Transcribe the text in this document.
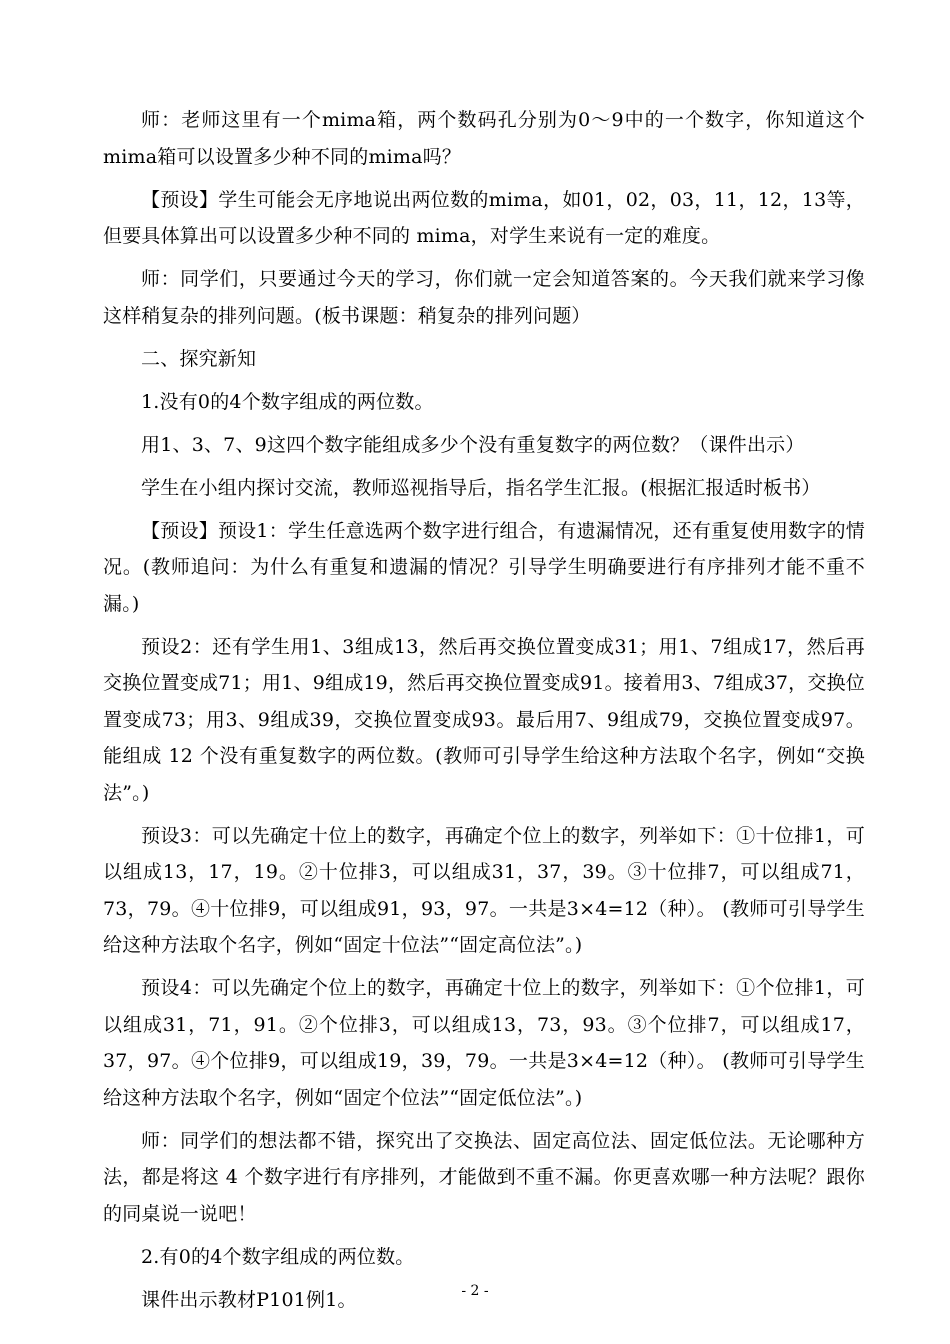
师：老师这里有一个mima箱，两个数码孔分别为0～9中的一个数字，你知道这个mima箱可以设置多少种不同的mima吗？

【预设】学生可能会无序地说出两位数的mima，如01，02，03，11，12，13等，但要具体算出可以设置多少种不同的 mima，对学生来说有一定的难度。

师：同学们，只要通过今天的学习，你们就一定会知道答案的。今天我们就来学习像这样稍复杂的排列问题。(板书课题：稍复杂的排列问题）

二、探究新知

1.没有0的4个数字组成的两位数。

用1、3、7、9这四个数字能组成多少个没有重复数字的两位数？（课件出示）

学生在小组内探讨交流，教师巡视指导后，指名学生汇报。(根据汇报适时板书）

【预设】预设1：学生任意选两个数字进行组合，有遗漏情况，还有重复使用数字的情况。(教师追问：为什么有重复和遗漏的情况？引导学生明确要进行有序排列才能不重不漏。)

预设2：还有学生用1、3组成13，然后再交换位置变成31；用1、7组成17，然后再交换位置变成71；用1、9组成19，然后再交换位置变成91。接着用3、7组成37，交换位置变成73；用3、9组成39，交换位置变成93。最后用7、9组成79，交换位置变成97。能组成 12 个没有重复数字的两位数。(教师可引导学生给这种方法取个名字，例如“交换法”。)

预设3：可以先确定十位上的数字，再确定个位上的数字，列举如下：①十位排1，可以组成13，17，19。②十位排3，可以组成31，37，39。③十位排7，可以组成71，73，79。④十位排9，可以组成91，93，97。一共是3×4=12（种）。 (教师可引导学生给这种方法取个名字，例如“固定十位法”“固定高位法”。)

预设4：可以先确定个位上的数字，再确定十位上的数字，列举如下：①个位排1，可以组成31，71，91。②个位排3，可以组成13，73，93。③个位排7，可以组成17，37，97。④个位排9，可以组成19，39，79。一共是3×4=12（种）。 (教师可引导学生给这种方法取个名字，例如“固定个位法”“固定低位法”。)

师：同学们的想法都不错，探究出了交换法、固定高位法、固定低位法。无论哪种方法，都是将这 4 个数字进行有序排列，才能做到不重不漏。你更喜欢哪一种方法呢？跟你的同桌说一说吧！

2.有0的4个数字组成的两位数。

课件出示教材P101例1。	- 2 -
